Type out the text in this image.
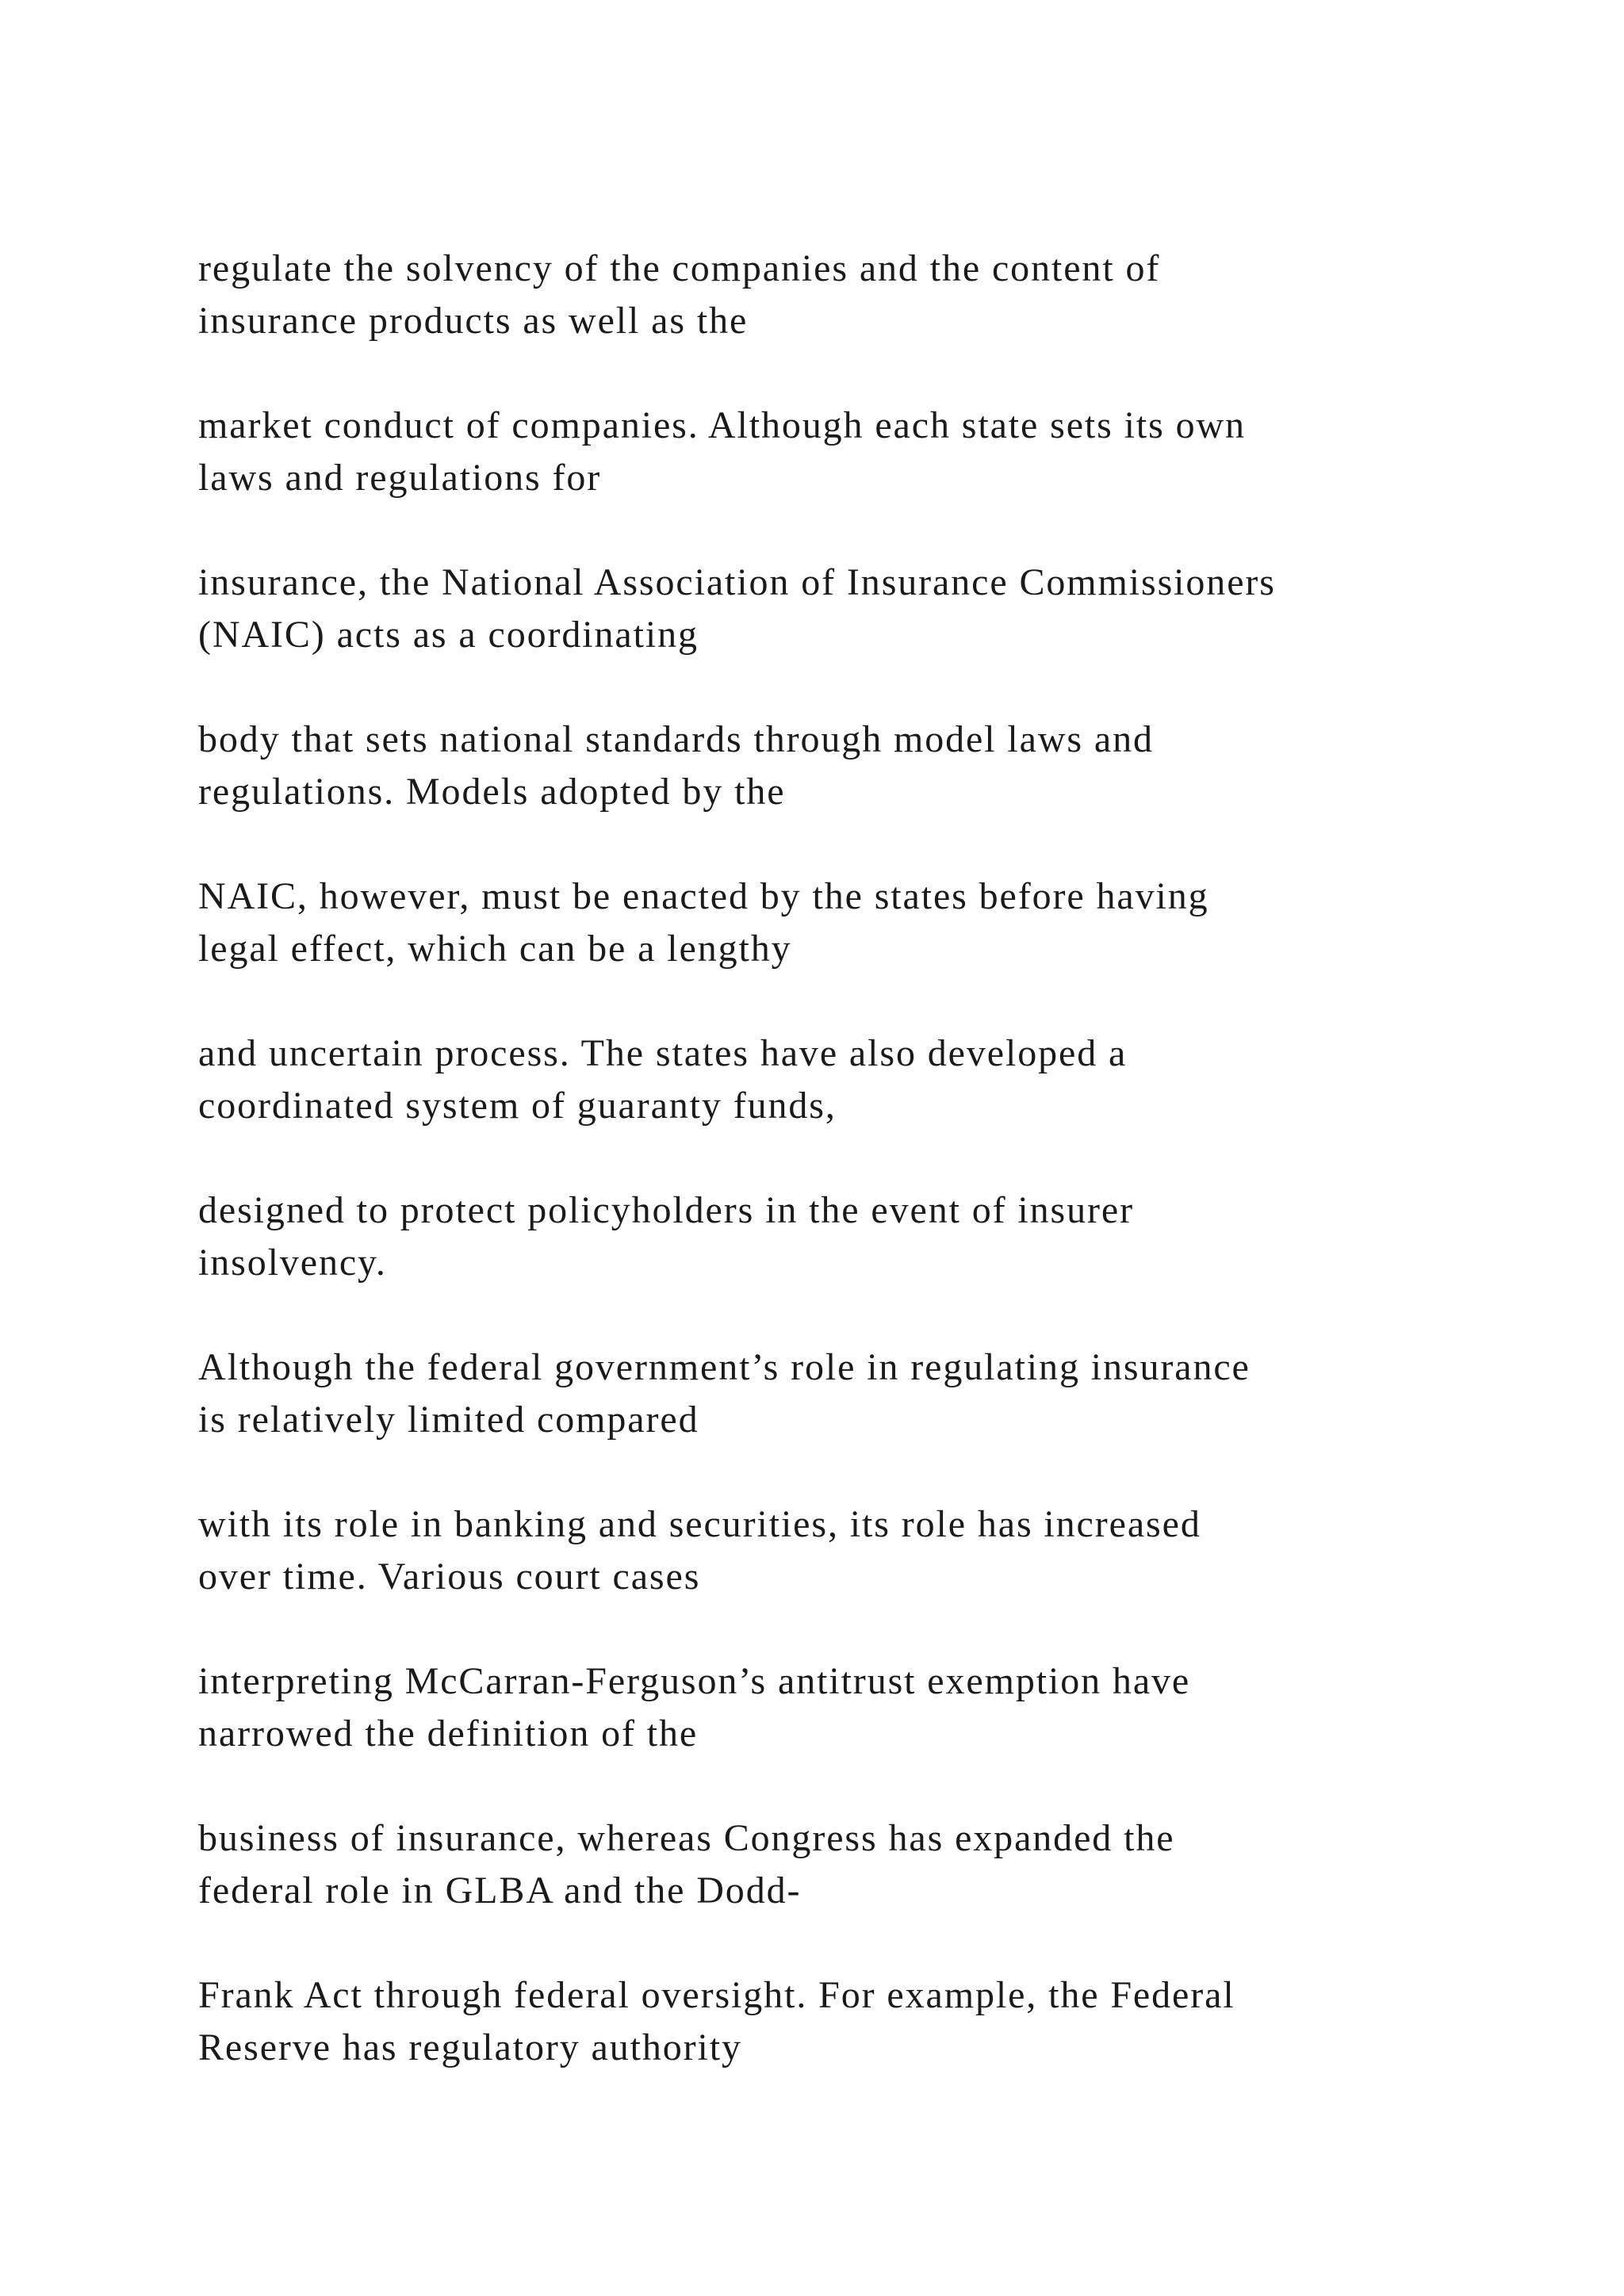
regulate the solvency of the companies and the content of
insurance products as well as the

market conduct of companies. Although each state sets its own
laws and regulations for

insurance, the National Association of Insurance Commissioners
(NAIC) acts as a coordinating

body that sets national standards through model laws and
regulations. Models adopted by the

NAIC, however, must be enacted by the states before having
legal effect, which can be a lengthy

and uncertain process. The states have also developed a
coordinated system of guaranty funds,

designed to protect policyholders in the event of insurer
insolvency.

Although the federal government’s role in regulating insurance
is relatively limited compared

with its role in banking and securities, its role has increased
over time. Various court cases

interpreting McCarran-Ferguson’s antitrust exemption have
narrowed the definition of the

business of insurance, whereas Congress has expanded the
federal role in GLBA and the Dodd-

Frank Act through federal oversight. For example, the Federal
Reserve has regulatory authority
